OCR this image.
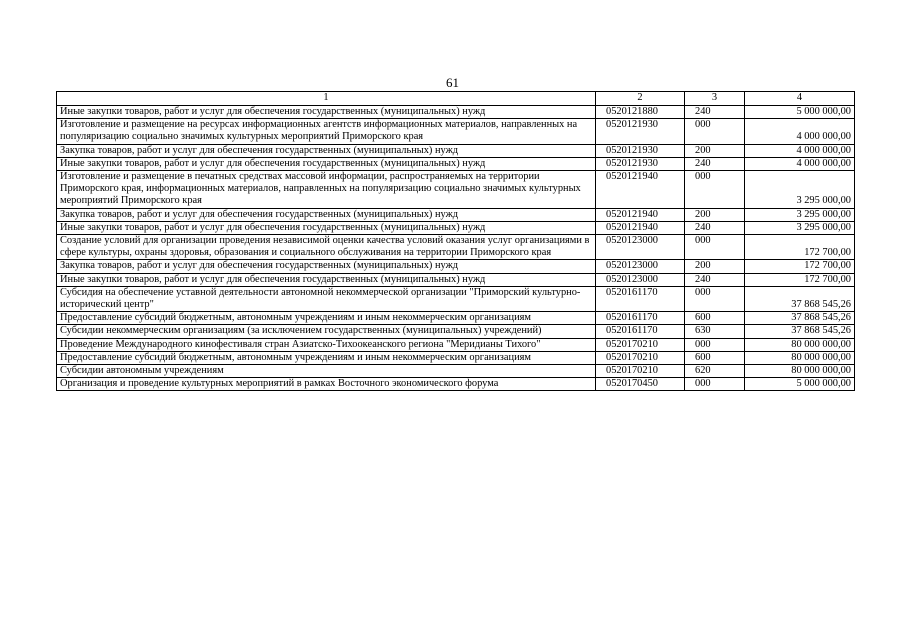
61
1	2	3	4
Иные закупки товаров, работ и услуг для обеспечения государственных (муниципальных) нужд	0520121880	240	5 000 000,00
Изготовление и размещение на ресурсах информационных агентств информационных материалов, направленных на популяризацию социально значимых культурных мероприятий Приморского края	0520121930	000	4 000 000,00
Закупка товаров, работ и услуг для обеспечения государственных (муниципальных) нужд	0520121930	200	4 000 000,00
Иные закупки товаров, работ и услуг для обеспечения государственных (муниципальных) нужд	0520121930	240	4 000 000,00
Изготовление и размещение в печатных средствах массовой информации, распространяемых на территории Приморского края, информационных материалов, направленных на популяризацию социально значимых культурных мероприятий Приморского края	0520121940	000	3 295 000,00
Закупка товаров, работ и услуг для обеспечения государственных (муниципальных) нужд	0520121940	200	3 295 000,00
Иные закупки товаров, работ и услуг для обеспечения государственных (муниципальных) нужд	0520121940	240	3 295 000,00
Создание условий для организации проведения независимой оценки качества условий оказания услуг организациями в сфере культуры, охраны здоровья, образования и социального обслуживания на территории Приморского края	0520123000	000	172 700,00
Закупка товаров, работ и услуг для обеспечения государственных (муниципальных) нужд	0520123000	200	172 700,00
Иные закупки товаров, работ и услуг для обеспечения государственных (муниципальных) нужд	0520123000	240	172 700,00
Субсидия на обеспечение уставной деятельности автономной некоммерческой организации "Приморский культурно-исторический центр"	0520161170	000	37 868 545,26
Предоставление субсидий бюджетным, автономным учреждениям и иным некоммерческим организациям	0520161170	600	37 868 545,26
Субсидии некоммерческим организациям (за исключением государственных (муниципальных) учреждений)	0520161170	630	37 868 545,26
Проведение Международного кинофестиваля стран Азиатско-Тихоокеанского региона "Меридианы Тихого"	0520170210	000	80 000 000,00
Предоставление субсидий бюджетным, автономным учреждениям и иным некоммерческим организациям	0520170210	600	80 000 000,00
Субсидии автономным учреждениям	0520170210	620	80 000 000,00
Организация и проведение культурных мероприятий в рамках Восточного экономического форума	0520170450	000	5 000 000,00
